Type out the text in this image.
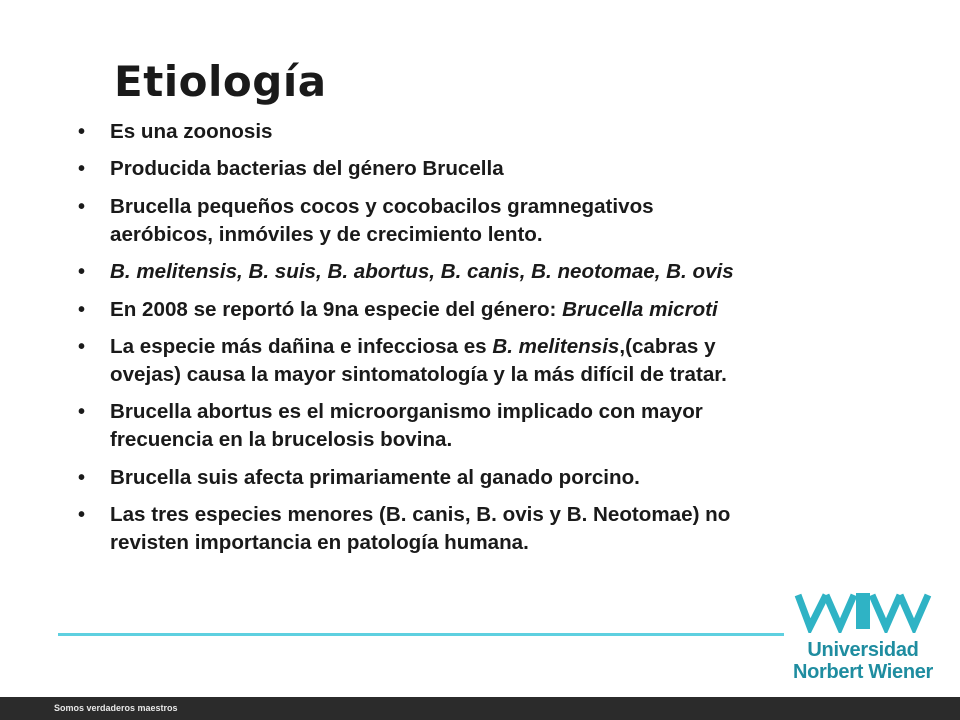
Etiología
• Es una zoonosis
• Producida bacterias del género Brucella
• Brucella pequeños cocos y cocobacilos gramnegativos
aeróbicos, inmóviles y de crecimiento lento.
• B. melitensis, B. suis, B. abortus, B. canis, B. neotomae, B. ovis
• En 2008 se reportó la 9na especie del género: Brucella microti
• La especie más dañina e infecciosa es B. melitensis,(cabras y
ovejas) causa la mayor sintomatología y la más difícil de tratar.
• Brucella abortus es el microorganismo implicado con mayor
frecuencia en la brucelosis bovina.
• Brucella suis afecta primariamente al ganado porcino.
• Las tres especies menores (B. canis, B. ovis y B. Neotomae) no
revisten importancia en patología humana.
Universidad
Norbert Wiener
Somos verdaderos maestros
